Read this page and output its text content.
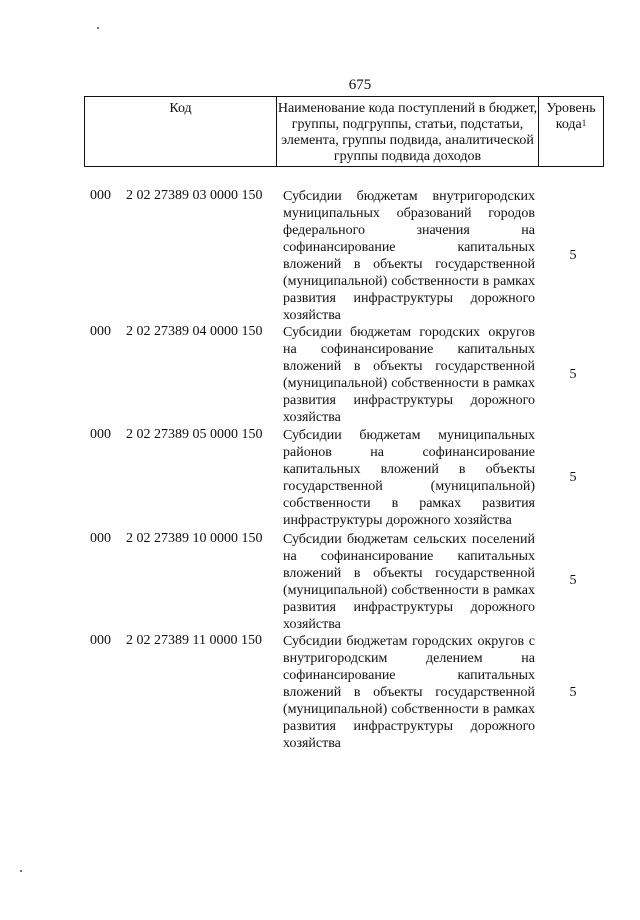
675
Код	Наименование кода поступлений в бюджет, группы, подгруппы, статьи, подстатьи, элемента, группы подвида, аналитической группы подвида доходов
Уровень кода$^1$
000 2 02 27389 03 0000 150 Субсидии бюджетам внутригородских муниципальных образований городов федерального значения на софинансирование капитальных вложений в объекты государственной (муниципальной) собственности в рамках развития инфраструктуры дорожного хозяйства
5
000 2 02 27389 04 0000 150 Субсидии бюджетам городских округов на софинансирование капитальных вложений в объекты государственной (муниципальной) собственности в рамках развития инфраструктуры дорожного хозяйства
5
000 2 02 27389 05 0000 150 Субсидии бюджетам муниципальных районов на софинансирование капитальных вложений в объекты государственной (муниципальной) собственности в рамках развития инфраструктуры дорожного хозяйства
5
000 2 02 27389 10 0000 150 Субсидии бюджетам сельских поселений на софинансирование капитальных вложений в объекты государственной (муниципальной) собственности в рамках развития инфраструктуры дорожного хозяйства
5
000 2 02 27389 11 0000 150 Субсидии бюджетам городских округов с внутригородским делением на софинансирование капитальных вложений в объекты государственной (муниципальной) собственности в рамках развития инфраструктуры дорожного хозяйства
5
